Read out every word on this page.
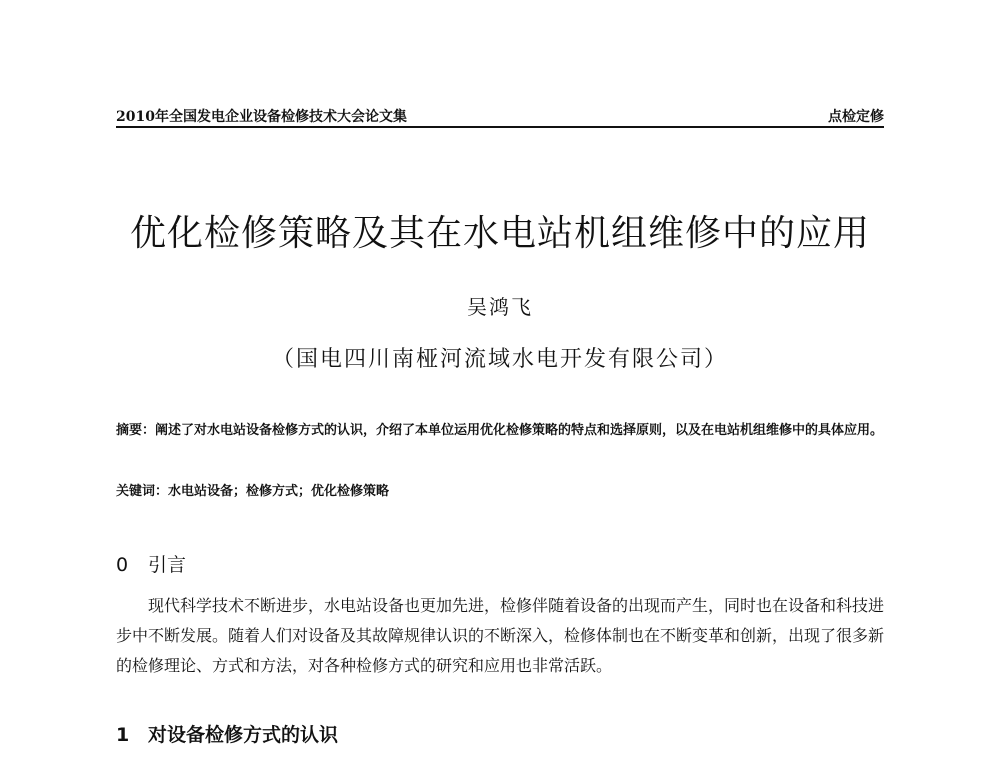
2010年全国发电企业设备检修技术大会论文集	点检定修
优化检修策略及其在水电站机组维修中的应用
吴鸿飞
（国电四川南桠河流域水电开发有限公司）
摘要：阐述了对水电站设备检修方式的认识，介绍了本单位运用优化检修策略的特点和选择原则，以及在电站机组维修中的具体应用。
关键词：水电站设备；检修方式；优化检修策略
0 引言
现代科学技术不断进步，水电站设备也更加先进，检修伴随着设备的出现而产生，同时也在设备和科技进步中不断发展。随着人们对设备及其故障规律认识的不断深入，检修体制也在不断变革和创新，出现了很多新的检修理论、方式和方法，对各种检修方式的研究和应用也非常活跃。
1 对设备检修方式的认识
